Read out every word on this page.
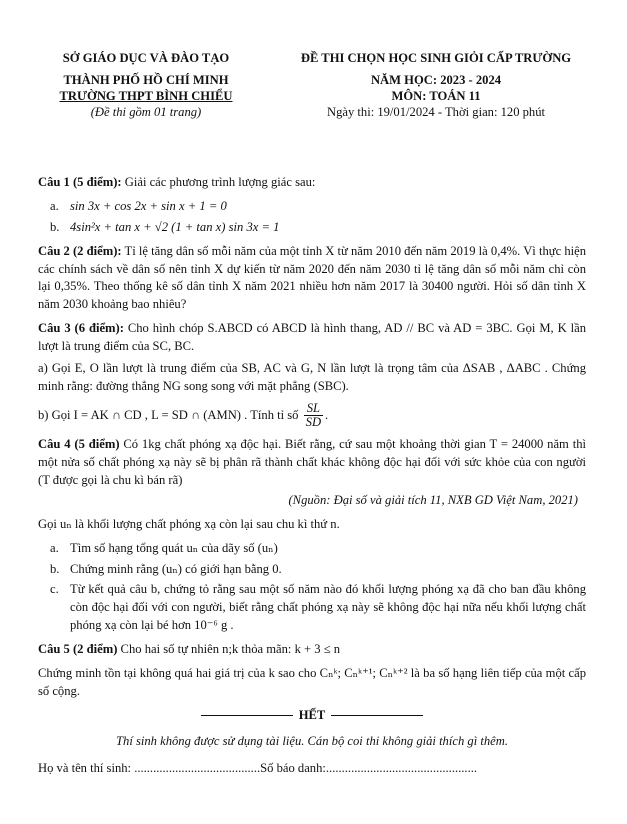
SỞ GIÁO DỤC VÀ ĐÀO TẠO
THÀNH PHỐ HỒ CHÍ MINH
TRƯỜNG THPT BÌNH CHIỂU
(Đề thi gồm 01 trang)
ĐỀ THI CHỌN HỌC SINH GIỎI CẤP TRƯỜNG
NĂM HỌC: 2023 - 2024
MÔN: TOÁN 11
Ngày thi: 19/01/2024 - Thời gian: 120 phút

Câu 1 (5 điểm): Giải các phương trình lượng giác sau:

a. sin 3x + cos 2x + sin x + 1 = 0
b. 4sin²x + tan x + √2 (1 + tan x) sin 3x = 1

Câu 2 (2 điểm): Tỉ lệ tăng dân số mỗi năm của một tỉnh X từ năm 2010 đến năm 2019 là 0,4%. Vì thực hiện các chính sách về dân số nên tỉnh X dự kiến từ năm 2020 đến năm 2030 tỉ lệ tăng dân số mỗi năm chỉ còn lại 0,35%. Theo thống kê số dân tỉnh X năm 2021 nhiều hơn năm 2017 là 30400 người. Hỏi số dân tỉnh X năm 2030 khoảng bao nhiêu?

Câu 3 (6 điểm): Cho hình chóp S.ABCD có ABCD là hình thang, AD // BC và AD = 3BC. Gọi M, K lần lượt là trung điểm của SC, BC.

a) Gọi E, O lần lượt là trung điểm của SB, AC và G, N lần lượt là trọng tâm của ΔSAB , ΔABC . Chứng minh rằng: đường thẳng NG song song với mặt phẳng (SBC).

b) Gọi I = AK ∩ CD , L = SD ∩ (AMN) . Tính tỉ số $\frac{SL}{SD}$ .

Câu 4 (5 điểm) Có 1kg chất phóng xạ độc hại. Biết rằng, cứ sau một khoảng thời gian T = 24000 năm thì một nửa số chất phóng xạ này sẽ bị phân rã thành chất khác không độc hại đối với sức khỏe của con người (T được gọi là chu kì bán rã)

(Nguồn: Đại số và giải tích 11, NXB GD Việt Nam, 2021)

Gọi uₙ là khối lượng chất phóng xạ còn lại sau chu kì thứ n.

a. Tìm số hạng tổng quát uₙ của dãy số (uₙ)
b. Chứng minh rằng (uₙ) có giới hạn bằng 0.
c. Từ kết quả câu b, chứng tỏ rằng sau một số năm nào đó khối lượng phóng xạ đã cho ban đầu không còn độc hại đối với con người, biết rằng chất phóng xạ này sẽ không độc hại nữa nếu khối lượng chất phóng xạ còn lại bé hơn 10⁻⁶ g .

Câu 5 (2 điểm) Cho hai số tự nhiên n;k thỏa mãn: k + 3 ≤ n

Chứng minh tồn tại không quá hai giá trị của k sao cho Cₙᵏ; Cₙᵏ⁺¹; Cₙᵏ⁺² là ba số hạng liên tiếp của một cấp số cộng.

HẾT

Thí sinh không được sử dụng tài liệu. Cán bộ coi thi không giải thích gì thêm.

Họ và tên thí sinh: ........................................Số báo danh:................................................
